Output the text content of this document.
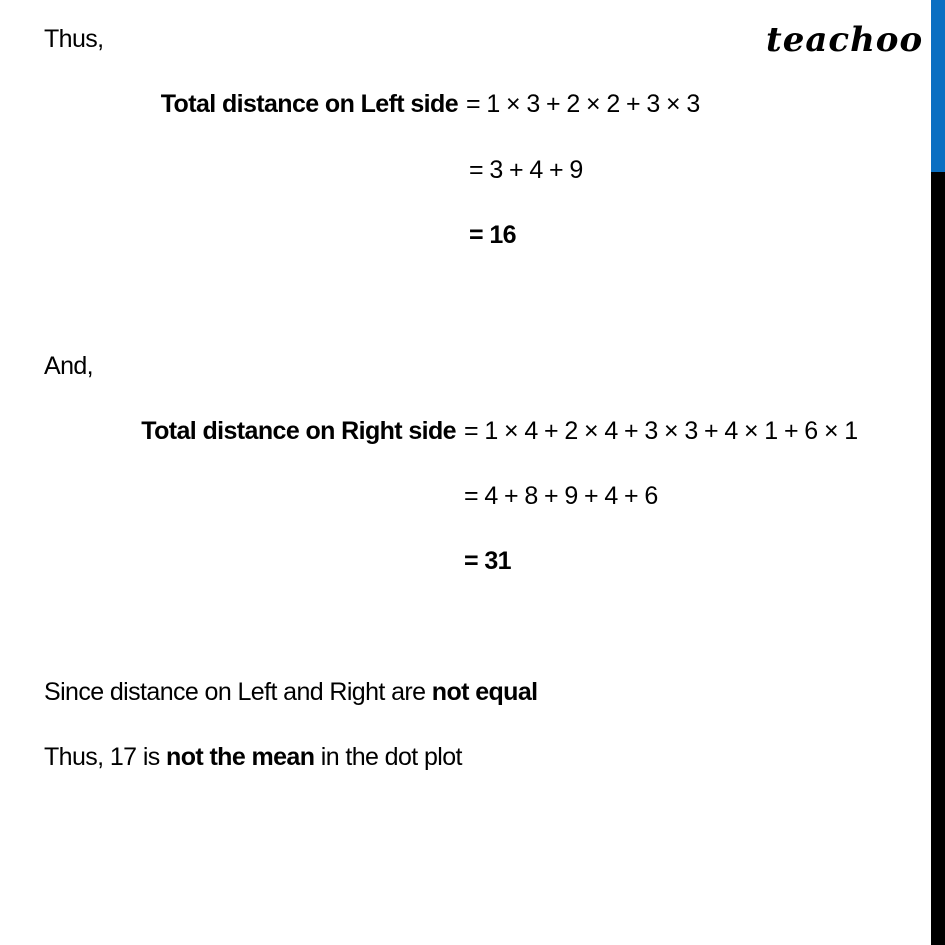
teachoo
Thus,
Total distance on Left side = 1 × 3 + 2 × 2 + 3 × 3
= 3 + 4 + 9
= 16
And,
Total distance on Right side = 1 × 4 + 2 × 4 + 3 × 3 + 4 × 1 + 6 × 1
= 4 + 8 + 9 + 4 + 6
= 31
Since distance on Left and Right are not equal
Thus, 17 is not the mean in the dot plot
